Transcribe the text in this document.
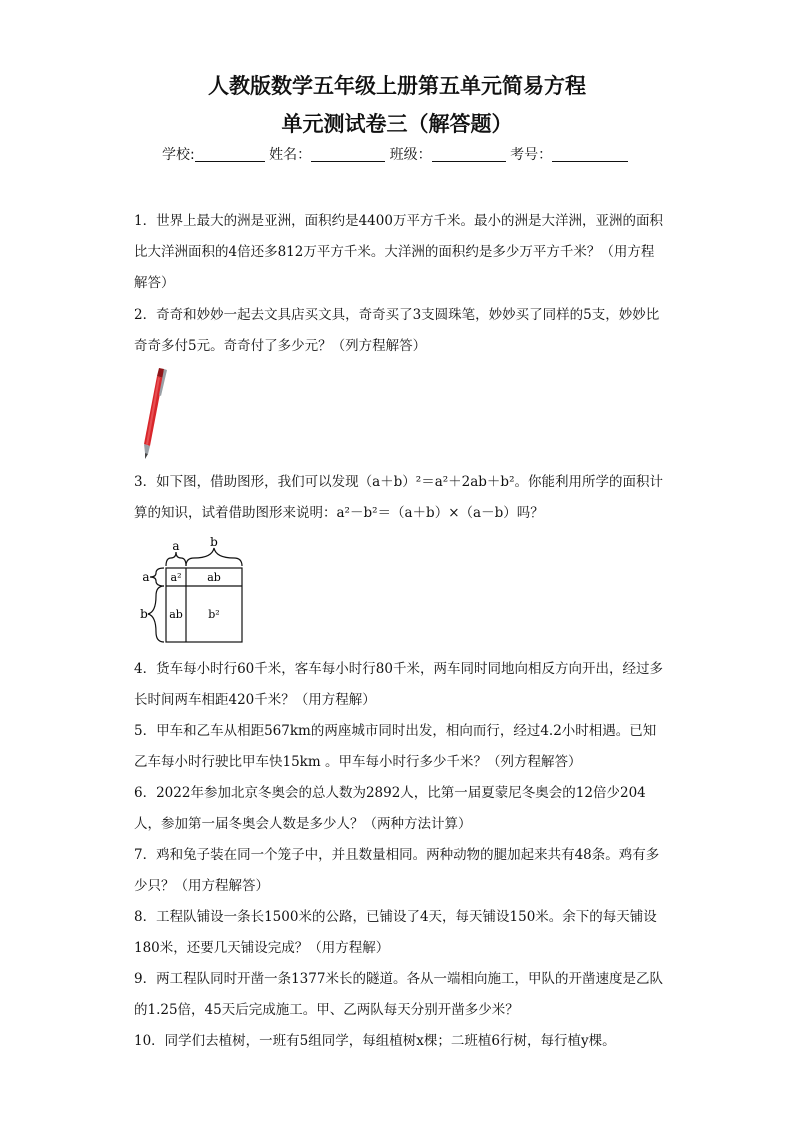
人教版数学五年级上册第五单元简易方程
单元测试卷三（解答题）
学校:	姓名：	班级：	考号：

1．世界上最大的洲是亚洲，面积约是4400万平方千米。最小的洲是大洋洲，亚洲的面积比大洋洲面积的4倍还多812万平方千米。大洋洲的面积约是多少万平方千米？（用方程解答）

2．奇奇和妙妙一起去文具店买文具，奇奇买了3支圆珠笔，妙妙买了同样的5支，妙妙比奇奇多付5元。奇奇付了多少元？（列方程解答）

3．如下图，借助图形，我们可以发现（a＋b）²＝a²＋2ab＋b²。你能利用所学的面积计算的知识，试着借助图形来说明：a²－b²＝（a＋b）×（a－b）吗？

a	b
a
b
a² ab
ab b²

4．货车每小时行60千米，客车每小时行80千米，两车同时同地向相反方向开出，经过多长时间两车相距420千米？（用方程解）

5．甲车和乙车从相距567km的两座城市同时出发，相向而行，经过4.2小时相遇。已知乙车每小时行驶比甲车快15km 。甲车每小时行多少千米？（列方程解答）

6．2022年参加北京冬奥会的总人数为2892人，比第一届夏蒙尼冬奥会的12倍少204人，参加第一届冬奥会人数是多少人？（两种方法计算）

7．鸡和兔子装在同一个笼子中，并且数量相同。两种动物的腿加起来共有48条。鸡有多少只？（用方程解答）

8．工程队铺设一条长1500米的公路，已铺设了4天，每天铺设150米。余下的每天铺设180米，还要几天铺设完成？（用方程解）

9．两工程队同时开凿一条1377米长的隧道。各从一端相向施工，甲队的开凿速度是乙队的1.25倍，45天后完成施工。甲、乙两队每天分别开凿多少米？

10．同学们去植树，一班有5组同学，每组植树x棵；二班植6行树，每行植y棵。
